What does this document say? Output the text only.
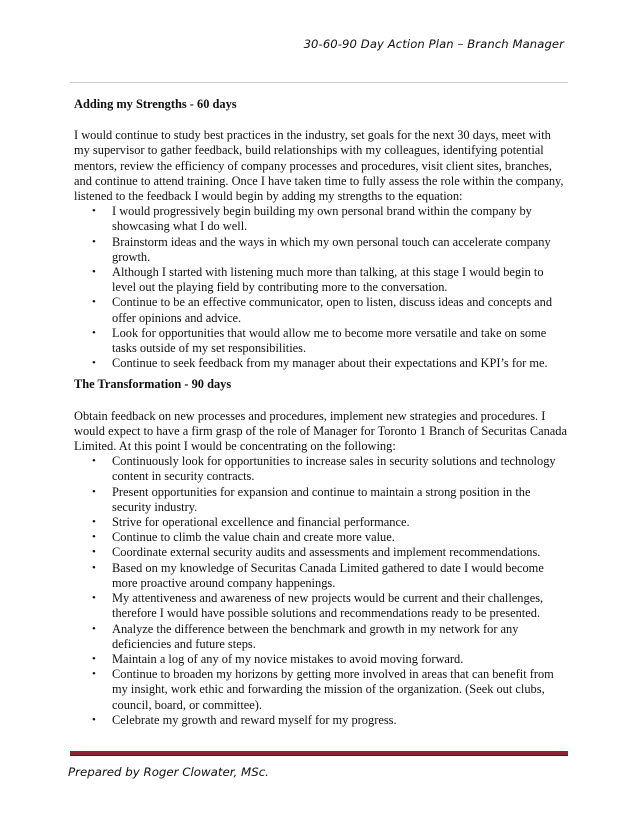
30-60-90 Day Action Plan – Branch Manager

Adding my Strengths - 60 days

I would continue to study best practices in the industry, set goals for the next 30 days, meet with my supervisor to gather feedback, build relationships with my colleagues, identifying potential mentors, review the efficiency of company processes and procedures, visit client sites, branches, and continue to attend training. Once I have taken time to fully assess the role within the company, listened to the feedback I would begin by adding my strengths to the equation:

• I would progressively begin building my own personal brand within the company by showcasing what I do well.
• Brainstorm ideas and the ways in which my own personal touch can accelerate company growth.
• Although I started with listening much more than talking, at this stage I would begin to level out the playing field by contributing more to the conversation.
• Continue to be an effective communicator, open to listen, discuss ideas and concepts and offer opinions and advice.
• Look for opportunities that would allow me to become more versatile and take on some tasks outside of my set responsibilities.
• Continue to seek feedback from my manager about their expectations and KPI’s for me.

The Transformation - 90 days

Obtain feedback on new processes and procedures, implement new strategies and procedures. I would expect to have a firm grasp of the role of Manager for Toronto 1 Branch of Securitas Canada Limited. At this point I would be concentrating on the following:

• Continuously look for opportunities to increase sales in security solutions and technology content in security contracts.
• Present opportunities for expansion and continue to maintain a strong position in the security industry.
• Strive for operational excellence and financial performance.
• Continue to climb the value chain and create more value.
• Coordinate external security audits and assessments and implement recommendations.
• Based on my knowledge of Securitas Canada Limited gathered to date I would become more proactive around company happenings.
• My attentiveness and awareness of new projects would be current and their challenges, therefore I would have possible solutions and recommendations ready to be presented.
• Analyze the difference between the benchmark and growth in my network for any deficiencies and future steps.
• Maintain a log of any of my novice mistakes to avoid moving forward.
• Continue to broaden my horizons by getting more involved in areas that can benefit from my insight, work ethic and forwarding the mission of the organization. (Seek out clubs, council, board, or committee).
• Celebrate my growth and reward myself for my progress.
Prepared by Roger Clowater, MSc.
